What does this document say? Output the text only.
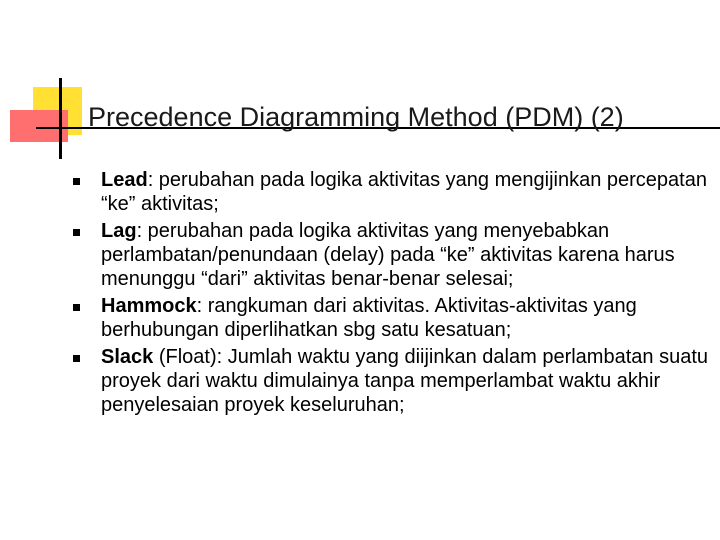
Precedence Diagramming Method (PDM) (2)
Lead: perubahan pada logika aktivitas yang mengijinkan percepatan “ke” aktivitas;
Lag: perubahan pada logika aktivitas yang menyebabkan perlambatan/penundaan (delay) pada “ke” aktivitas karena harus menunggu “dari” aktivitas benar-benar selesai;
Hammock: rangkuman dari aktivitas. Aktivitas-aktivitas yang berhubungan diperlihatkan sbg satu kesatuan;
Slack (Float): Jumlah waktu yang diijinkan dalam perlambatan suatu proyek dari waktu dimulainya tanpa memperlambat waktu akhir penyelesaian proyek keseluruhan;
